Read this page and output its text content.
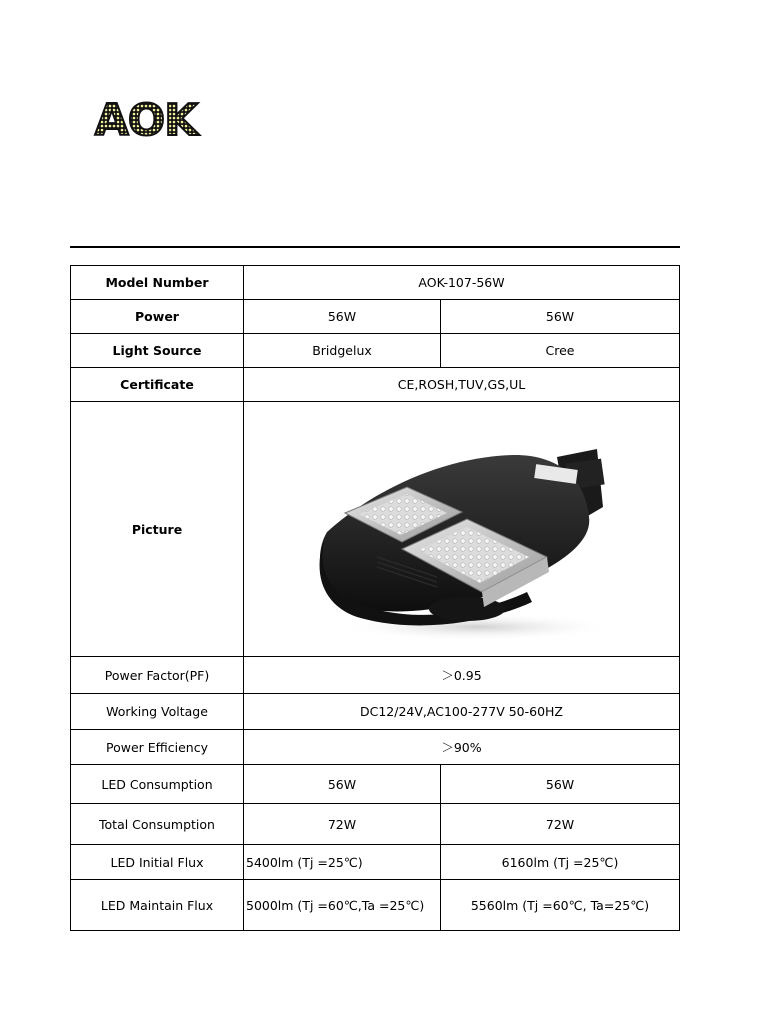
AOK
Model Number	AOK-107-56W	
Power	56W	56W
Light Source	Bridgelux	Cree
Certificate	CE,ROSH,TUV,GS,UL	
Picture	

Power Factor(PF)	＞0.95	
Working Voltage	DC12/24V,AC100-277V 50-60HZ	
Power Efficiency	＞90%	
LED Consumption	56W	56W
Total Consumption	72W	72W
LED Initial Flux	5400lm (Tj =25℃)	6160lm (Tj =25℃)
LED Maintain Flux	5000lm (Tj =60℃,Ta =25℃)	5560lm (Tj =60℃, Ta=25℃)
